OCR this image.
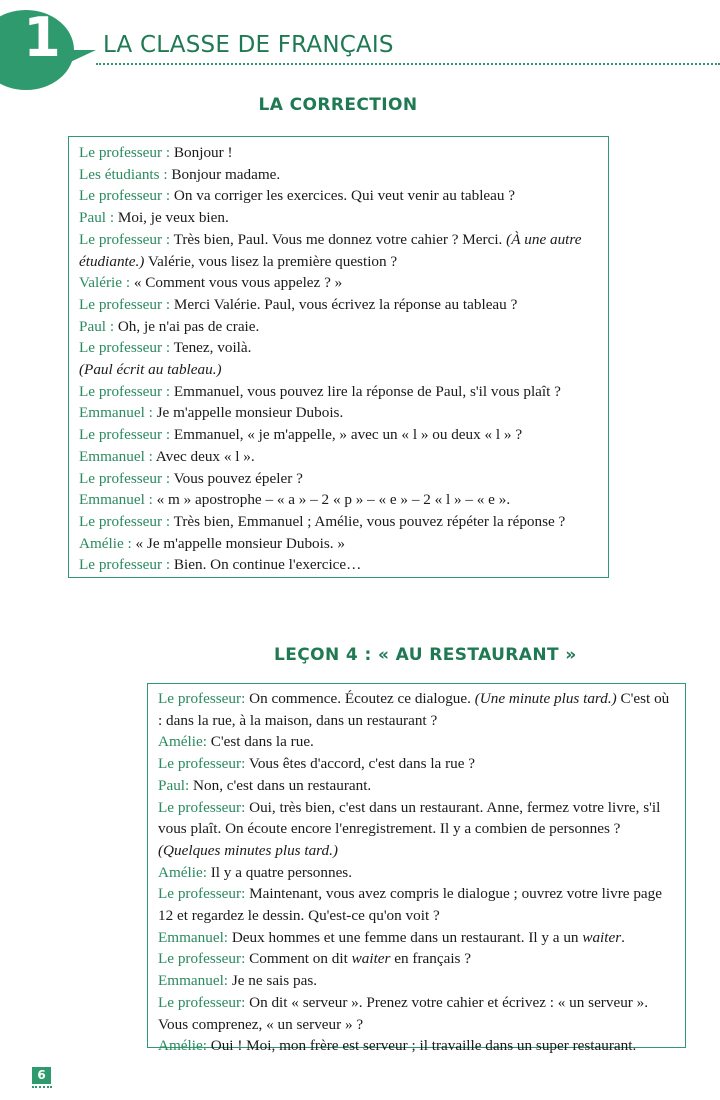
1 LA CLASSE DE FRANÇAIS
LA CORRECTION

Le professeur : Bonjour !

Les étudiants : Bonjour madame.

Le professeur : On va corriger les exercices. Qui veut venir au tableau ?

Paul : Moi, je veux bien.

Le professeur : Très bien, Paul. Vous me donnez votre cahier ? Merci. (À une autre étudiante.) Valérie, vous lisez la première question ?

Valérie : « Comment vous vous appelez ? »

Le professeur : Merci Valérie. Paul, vous écrivez la réponse au tableau ?

Paul : Oh, je n'ai pas de craie.

Le professeur : Tenez, voilà.

(Paul écrit au tableau.)

Le professeur : Emmanuel, vous pouvez lire la réponse de Paul, s'il vous plaît ?

Emmanuel : Je m'appelle monsieur Dubois.

Le professeur : Emmanuel, « je m'appelle, » avec un « l » ou deux « l » ?

Emmanuel : Avec deux « l ».

Le professeur : Vous pouvez épeler ?

Emmanuel : « m » apostrophe – « a » – 2 « p » – « e » – 2 « l » – « e ».

Le professeur : Très bien, Emmanuel ; Amélie, vous pouvez répéter la réponse ?

Amélie : « Je m'appelle monsieur Dubois. »

Le professeur : Bien. On continue l'exercice…

LEÇON 4 : « AU RESTAURANT »

Le professeur: On commence. Écoutez ce dialogue. (Une minute plus tard.) C'est où : dans la rue, à la maison, dans un restaurant ?

Amélie: C'est dans la rue.

Le professeur: Vous êtes d'accord, c'est dans la rue ?

Paul: Non, c'est dans un restaurant.

Le professeur: Oui, très bien, c'est dans un restaurant. Anne, fermez votre livre, s'il vous plaît. On écoute encore l'enregistrement. Il y a combien de personnes ?

(Quelques minutes plus tard.)

Amélie: Il y a quatre personnes.

Le professeur: Maintenant, vous avez compris le dialogue ; ouvrez votre livre page 12 et regardez le dessin. Qu'est-ce qu'on voit ?

Emmanuel: Deux hommes et une femme dans un restaurant. Il y a un waiter.

Le professeur: Comment on dit waiter en français ?

Emmanuel: Je ne sais pas.

Le professeur: On dit « serveur ». Prenez votre cahier et écrivez : « un serveur ». Vous comprenez, « un serveur » ?

Amélie: Oui ! Moi, mon frère est serveur ; il travaille dans un super restaurant.

6
